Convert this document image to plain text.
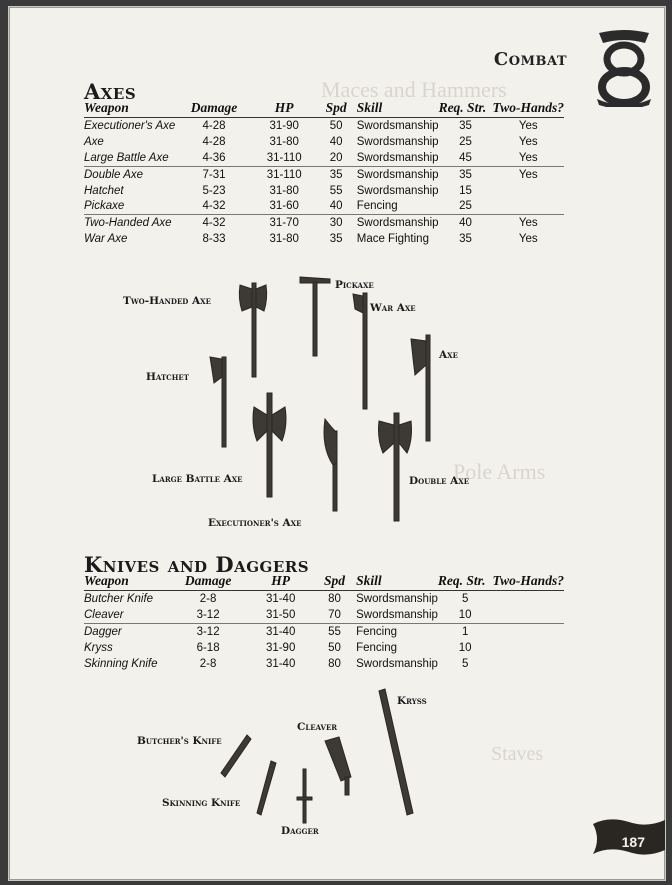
Maces and Hammers
Pole Arms
Staves
Combat
Axes
Weapon	Damage	HP	Spd	Skill	Req. Str.	Two-Hands?
Executioner's Axe	4-28	31-90	50	Swordsmanship	35	Yes
Axe	4-28	31-80	40	Swordsmanship	25	Yes
Large Battle Axe	4-36	31-110	20	Swordsmanship	45	Yes
Double Axe	7-31	31-110	35	Swordsmanship	35	Yes
Hatchet	5-23	31-80	55	Swordsmanship	15	
Pickaxe	4-32	31-60	40	Fencing	25	
Two-Handed Axe	4-32	31-70	30	Swordsmanship	40	Yes
War Axe	8-33	31-80	35	Mace Fighting	35	Yes
Two-Handed Axe
Pickaxe
War Axe
Axe
Hatchet
Large Battle Axe	Double Axe
Executioner's Axe
Knives and Daggers
Weapon	Damage	HP	Spd	Skill	Req. Str.	Two-Hands?
Butcher Knife	2-8	31-40	80	Swordsmanship	5	
Cleaver	3-12	31-50	70	Swordsmanship	10	
Dagger	3-12	31-40	55	Fencing	1	
Kryss	6-18	31-90	50	Fencing	10	
Skinning Knife	2-8	31-40	80	Swordsmanship	5	
Kryss
Cleaver
Butcher's Knife
Skinning Knife
Dagger
187
